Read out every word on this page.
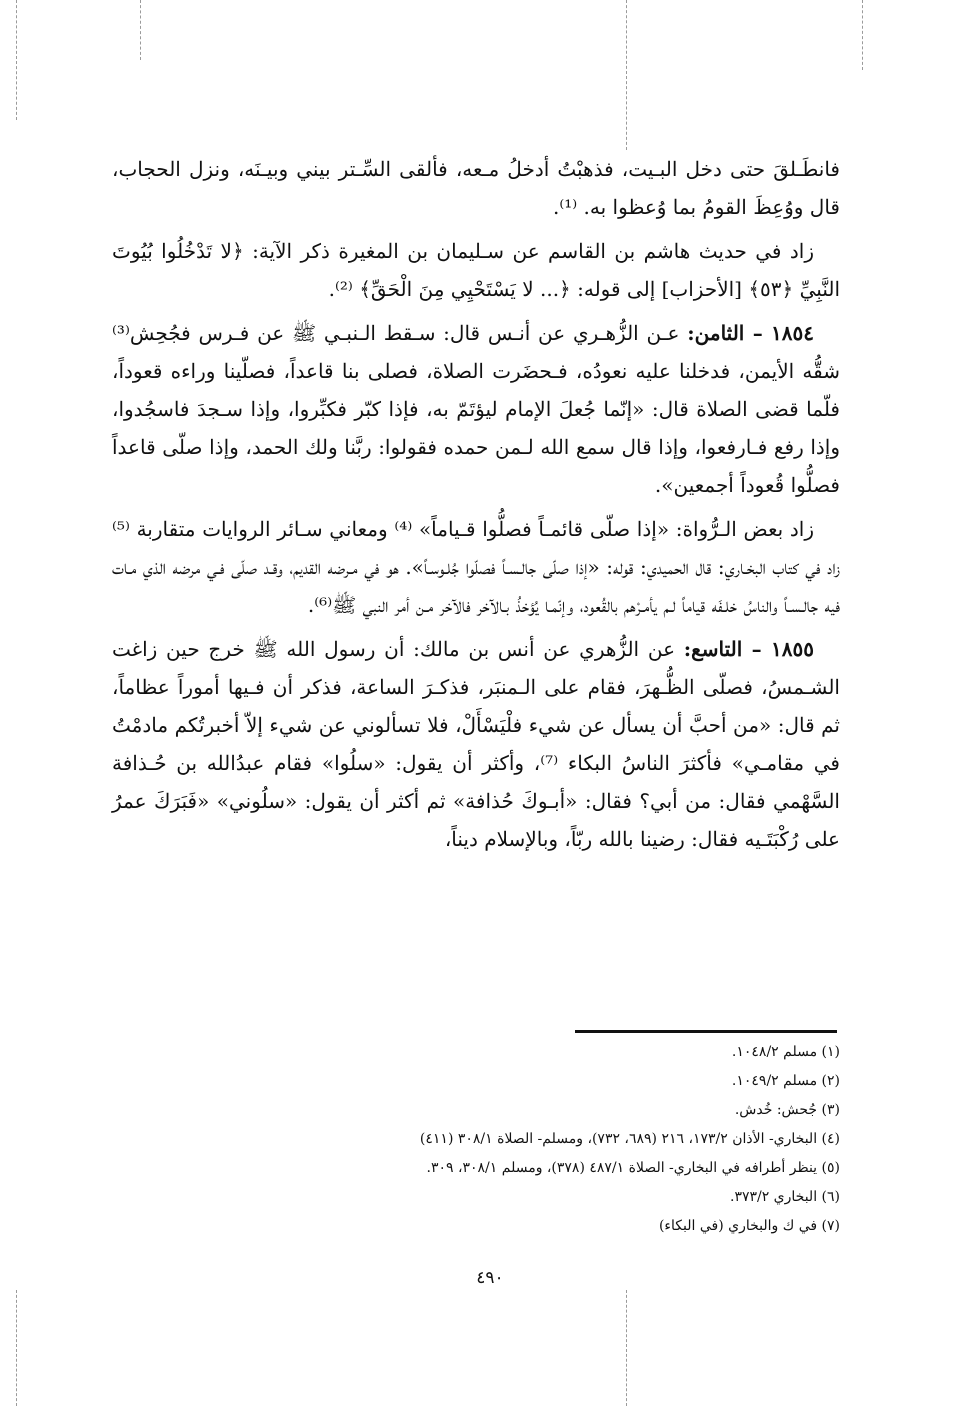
فانطَـلقَ حتى دخل البـيت، فذهبْتُ أدخلُ مـعه، فألقى السِّـتر بيني وبيـنَه، ونزل الحجاب، قال ووُعِظَ القومُ بما وُعظوا به. ⁽¹⁾.

زاد في حديث هاشم بن القاسم عن سـليمان بن المغيرة ذكر الآية: ﴿لا تَدْخُلُوا بُيُوتَ النَّبِيِّ ﴿٥٣﴾ [الأحزاب] إلى قوله: ﴿... لا يَسْتَحْيِي مِنَ الْحَقِّ﴾ ⁽²⁾.

١٨٥٤ – الثامن: عـن الزُّهـري عن أنـس قال: سـقط الـنبـي ﷺ عن فـرس فجُحِش⁽³⁾ شقُّه الأيمن، فدخلنا عليه نعودُه، فـحضَرت الصلاة، فصلى بنا قاعداً، فصلّينا وراءه قعوداً، فلّما قضى الصلاة قال: «إنّما جُعلَ الإمام ليؤتَمّ به، فإذا كبّر فكبِّروا، وإذا سـجدَ فاسجُدوا، وإذا رفع فـارفعوا، وإذا قال سمع الله لـمن حمده فقولوا: ربَّنا ولك الحمد، وإذا صلّى قاعداً فصلُّوا قُعوداً أجمعين».

زاد بعض الـرُّواة: «إذا صلّى قائمـاً فصلُّوا قـياماً» ⁽⁴⁾ ومعاني سـائر الروايات متقاربة ⁽⁵⁾ زاد في كتاب البخـاري: قال الحميدي: قوله: «إذا صلّى جالـسـاً فصلّوا جُلـوسـاً». هو في مـرضه القديم، وقـد صلّى فـي مرضه الذي مـات فيه جالـسـاً والناسُ خلـفَه قياماً لـم يأمـرْهم بالقُعود، وإنّمـا يُؤخذُ بـالآخر فالآخر مـن أمر النبي ﷺ⁽⁶⁾.

١٨٥٥ – التاسع: عن الزُّهري عن أنس بن مالك: أن رسول الله ﷺ خرج حين زاغت الشـمسُ، فصلّى الظُّـهرَ، فقام على الـمنبَر، فذكـرَ الساعة، فذكر أن فـيها أموراً عظاماً، ثم قال: «من أحبَّ أن يسأل عن شيء فلْيَسْأَلْ، فلا تسألوني عن شيء إلاّ أخبرتُكم مادمْتُ في مقامـي» فأكثرَ الناسُ البكاء ⁽⁷⁾، وأكثر أن يقول: «سلُوا» فقام عبدُالله بن حُـذافة السَّهْمي فقال: من أبي؟ فقال: «أبـوكَ حُذافة» ثم أكثر أن يقول: «سلُوني» «فَبَرَكَ عمرُ على رُكْبَتَـيه فقال: رضينا بالله ربّاً، وبالإسلام ديناً،

(١) مسلم ١٠٤٨/٢.
(٢) مسلم ١٠٤٩/٢.
(٣) جُحش: خُدش.
(٤) البخاري- الأذان ١٧٣/٢، ٢١٦ (٦٨٩، ٧٣٢)، ومسلم- الصلاة ٣٠٨/١ (٤١١)
(٥) ينظر أطرافه في البخاري- الصلاة ٤٨٧/١ (٣٧٨)، ومسلم ٣٠٨/١، ٣٠٩.
(٦) البخاري ٣٧٣/٢.
(٧) في ك والبخاري (في البكاء)
٤٩٠
